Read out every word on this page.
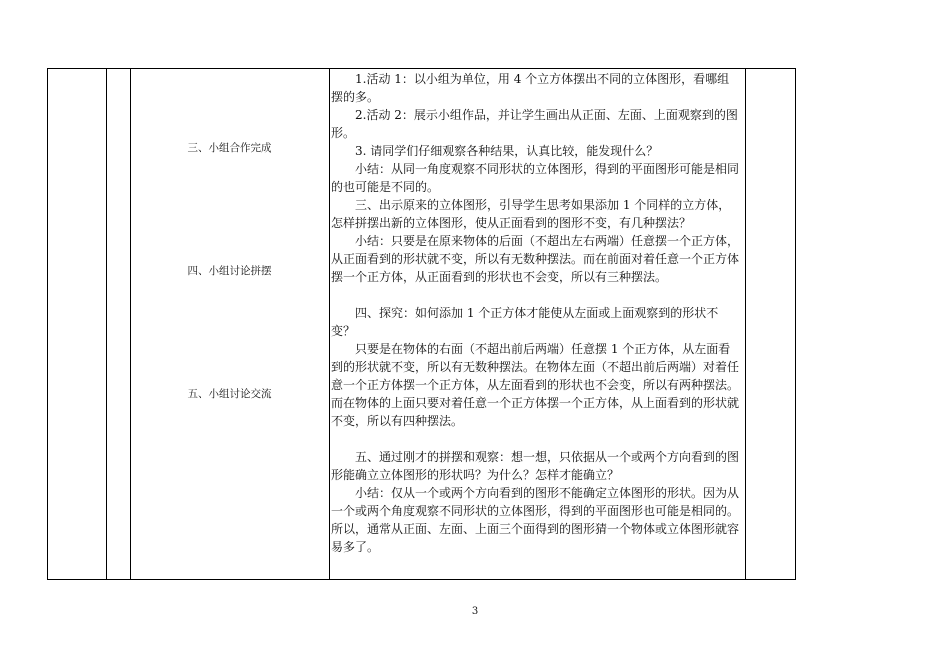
三、小组合作完成
四、小组讨论拼摆
五、小组讨论交流

1.活动 1：以小组为单位，用 4 个立方体摆出不同的立体图形，看哪组摆的多。

2.活动 2：展示小组作品，并让学生画出从正面、左面、上面观察到的图形。

3. 请同学们仔细观察各种结果，认真比较，能发现什么？

小结：从同一角度观察不同形状的立体图形，得到的平面图形可能是相同的也可能是不同的。

三、出示原来的立体图形，引导学生思考如果添加 1 个同样的立方体，怎样拼摆出新的立体图形，使从正面看到的图形不变，有几种摆法？

小结：只要是在原来物体的后面（不超出左右两端）任意摆一个正方体，从正面看到的形状就不变，所以有无数种摆法。而在前面对着任意一个正方体摆一个正方体，从正面看到的形状也不会变，所以有三种摆法。

四、探究：如何添加 1 个正方体才能使从左面或上面观察到的形状不变？

只要是在物体的右面（不超出前后两端）任意摆 1 个正方体，从左面看到的形状就不变，所以有无数种摆法。在物体左面（不超出前后两端）对着任意一个正方体摆一个正方体，从左面看到的形状也不会变，所以有两种摆法。而在物体的上面只要对着任意一个正方体摆一个正方体，从上面看到的形状就不变，所以有四种摆法。

五、通过刚才的拼摆和观察：想一想，只依据从一个或两个方向看到的图形能确立立体图形的形状吗？为什么？怎样才能确立？

小结：仅从一个或两个方向看到的图形不能确定立体图形的形状。因为从一个或两个角度观察不同形状的立体图形，得到的平面图形也可能是相同的。所以，通常从正面、左面、上面三个面得到的图形猜一个物体或立体图形就容易多了。

3
